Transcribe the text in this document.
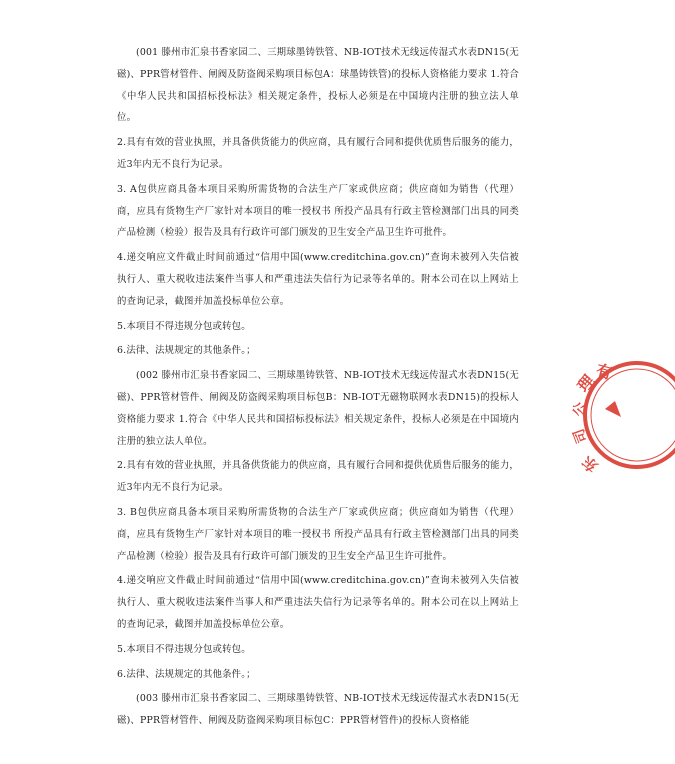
(001 滕州市汇泉书香家园二、三期球墨铸铁管、NB-IOT技术无线远传湿式水表DN15(无磁)、PPR管材管件、闸阀及防盗阀采购项目标包A：球墨铸铁管)的投标人资格能力要求 1.符合《中华人民共和国招标投标法》相关规定条件，投标人必须是在中国境内注册的独立法人单位。

2.具有有效的营业执照，并具备供货能力的供应商，具有履行合同和提供优质售后服务的能力，近3年内无不良行为记录。

3. A包供应商具备本项目采购所需货物的合法生产厂家或供应商；供应商如为销售（代理）商，应具有货物生产厂家针对本项目的唯一授权书 所投产品具有行政主管检测部门出具的同类产品检测（检验）报告及具有行政许可部门颁发的卫生安全产品卫生许可批件。

4.递交响应文件截止时间前通过“信用中国(www.creditchina.gov.cn)”查询未被列入失信被执行人、重大税收违法案件当事人和严重违法失信行为记录等名单的。附本公司在以上网站上的查询记录，截图并加盖投标单位公章。

5.本项目不得违规分包或转包。

6.法律、法规规定的其他条件。；

(002 滕州市汇泉书香家园二、三期球墨铸铁管、NB-IOT技术无线远传湿式水表DN15(无磁)、PPR管材管件、闸阀及防盗阀采购项目标包B：NB-IOT无磁物联网水表DN15)的投标人资格能力要求 1.符合《中华人民共和国招标投标法》相关规定条件，投标人必须是在中国境内注册的独立法人单位。

2.具有有效的营业执照，并具备供货能力的供应商，具有履行合同和提供优质售后服务的能力，近3年内无不良行为记录。

3. B包供应商具备本项目采购所需货物的合法生产厂家或供应商；供应商如为销售（代理）商，应具有货物生产厂家针对本项目的唯一授权书 所投产品具有行政主管检测部门出具的同类产品检测（检验）报告及具有行政许可部门颁发的卫生安全产品卫生许可批件。

4.递交响应文件截止时间前通过“信用中国(www.creditchina.gov.cn)”查询未被列入失信被执行人、重大税收违法案件当事人和严重违法失信行为记录等名单的。附本公司在以上网站上的查询记录，截图并加盖投标单位公章。

5.本项目不得违规分包或转包。

6.法律、法规规定的其他条件。；

(003 滕州市汇泉书香家园二、三期球墨铸铁管、NB-IOT技术无线远传湿式水表DN15(无磁)、PPR管材管件、闸阀及防盗阀采购项目标包C：PPR管材管件)的投标人资格能

有
理
公
司
东
